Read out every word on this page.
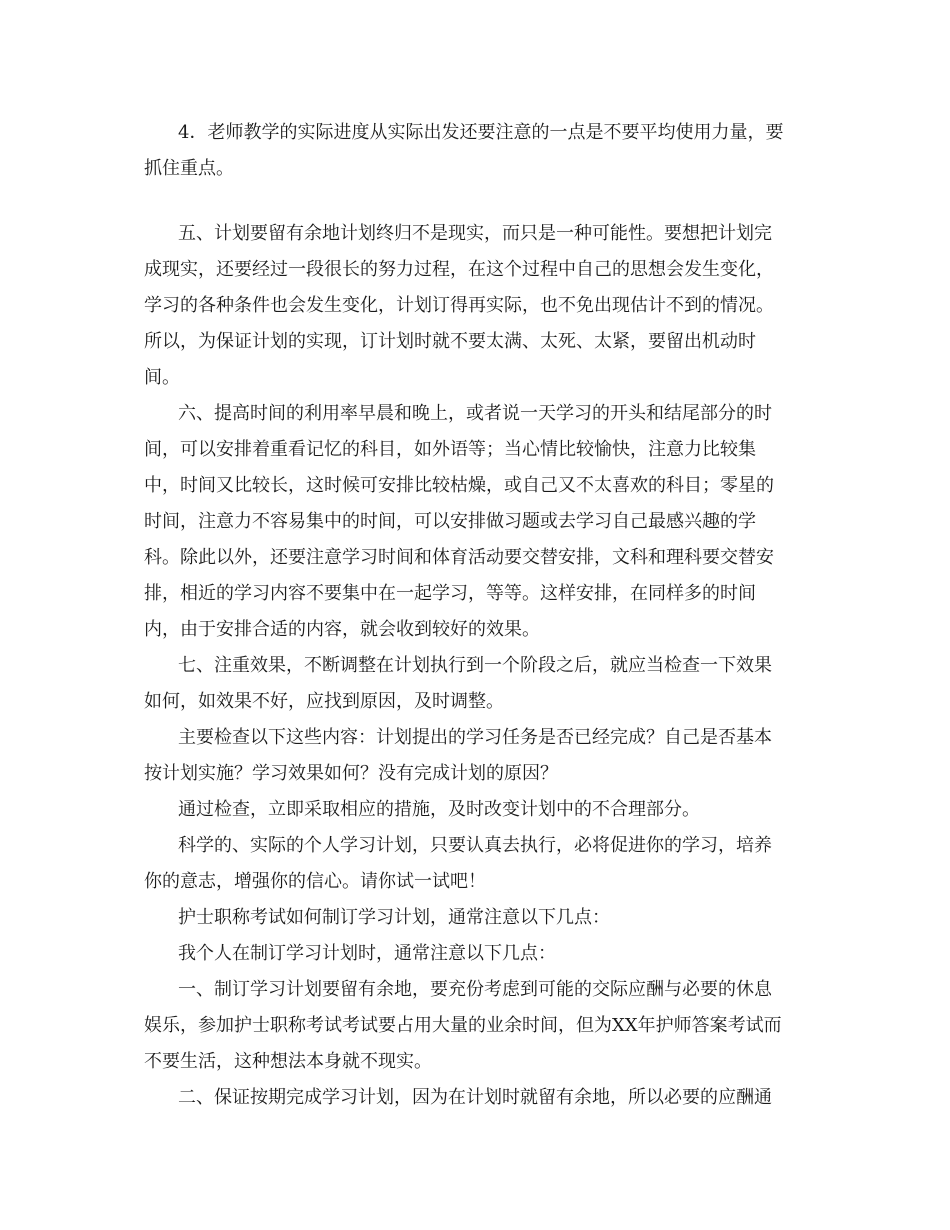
4．老师教学的实际进度从实际出发还要注意的一点是不要平均使用力量，要
抓住重点。
五、计划要留有余地计划终归不是现实，而只是一种可能性。要想把计划完
成现实，还要经过一段很长的努力过程，在这个过程中自己的思想会发生变化，
学习的各种条件也会发生变化，计划订得再实际，也不免出现估计不到的情况。
所以，为保证计划的实现，订计划时就不要太满、太死、太紧，要留出机动时
间。
六、提高时间的利用率早晨和晚上，或者说一天学习的开头和结尾部分的时
间，可以安排着重看记忆的科目，如外语等；当心情比较愉快，注意力比较集
中，时间又比较长，这时候可安排比较枯燥，或自己又不太喜欢的科目；零星的
时间，注意力不容易集中的时间，可以安排做习题或去学习自己最感兴趣的学
科。除此以外，还要注意学习时间和体育活动要交替安排，文科和理科要交替安
排，相近的学习内容不要集中在一起学习，等等。这样安排，在同样多的时间
内，由于安排合适的内容，就会收到较好的效果。
七、注重效果，不断调整在计划执行到一个阶段之后，就应当检查一下效果
如何，如效果不好，应找到原因，及时调整。
主要检查以下这些内容：计划提出的学习任务是否已经完成？自己是否基本
按计划实施？学习效果如何？没有完成计划的原因？
通过检查，立即采取相应的措施，及时改变计划中的不合理部分。
科学的、实际的个人学习计划，只要认真去执行，必将促进你的学习，培养
你的意志，增强你的信心。请你试一试吧！
护士职称考试如何制订学习计划，通常注意以下几点：
我个人在制订学习计划时，通常注意以下几点：
一、制订学习计划要留有余地，要充份考虑到可能的交际应酬与必要的休息
娱乐，参加护士职称考试考试要占用大量的业余时间，但为XX年护师答案考试而
不要生活，这种想法本身就不现实。
二、保证按期完成学习计划，因为在计划时就留有余地，所以必要的应酬通
